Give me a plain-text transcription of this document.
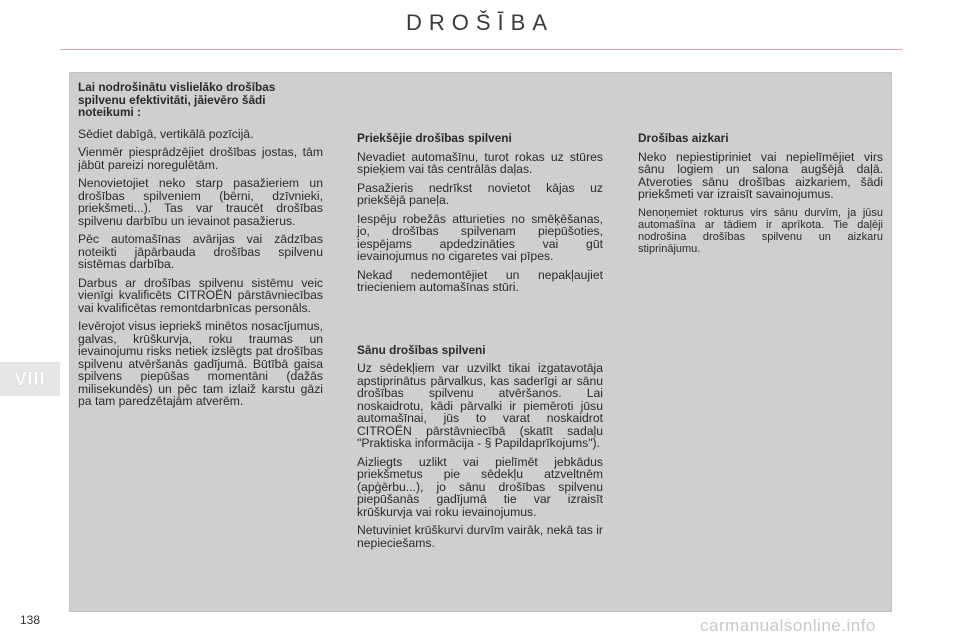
DROŠĪBA
VIII
Lai nodrošinātu vislielāko drošības spilvenu efektivitāti, jāievēro šādi noteikumi :

Sēdiet dabīgā, vertikālā pozīcijā.

Vienmēr piesprādzējiet drošības jostas, tām jābūt pareizi noregulētām.

Nenovietojiet neko starp pasažieriem un drošības spilveniem (bērni, dzīvnieki, priekšmeti...). Tas var traucēt drošības spilvenu darbību un ievainot pasažierus.

Pēc automašīnas avārijas vai zādzības noteikti jāpārbauda drošības spilvenu sistēmas darbība.

Darbus ar drošības spilvenu sistēmu veic vienīgi kvalificēts CITROËN pārstāvniecības vai kvalificētas remontdarbnīcas personāls.

Ievērojot visus iepriekš minētos nosacījumus, galvas, krūškurvja, roku traumas un ievainojumu risks netiek izslēgts pat drošības spilvenu atvēršanās gadījumā. Būtībā gaisa spilvens piepūšas momentāni (dažās milisekundēs) un pēc tam izlaiž karstu gāzi pa tam paredzētajām atverēm.

Priekšējie drošības spilveni

Nevadiet automašīnu, turot rokas uz stūres spieķiem vai tās centrālās daļas.

Pasažieris nedrīkst novietot kājas uz priekšējā paneļa.

Iespēju robežās atturieties no smēķēšanas, jo, drošības spilvenam piepūšoties, iespējams apdedzināties vai gūt ievainojumus no cigaretes vai pīpes.

Nekad nedemontējiet un nepakļaujiet triecieniem automašīnas stūri.

Sānu drošības spilveni

Uz sēdekļiem var uzvilkt tikai izgatavotāja apstiprinātus pārvalkus, kas saderīgi ar sānu drošības spilvenu atvēršanos. Lai noskaidrotu, kādi pārvalki ir piemēroti jūsu automašīnai, jūs to varat noskaidrot CITROËN pārstāvniecībā (skatīt sadaļu "Praktiska informācija - § Papildaprīkojums").

Aizliegts uzlikt vai pielīmēt jebkādus priekšmetus pie sēdekļu atzveltnēm (apģērbu...), jo sānu drošības spilvenu piepūšanās gadījumā tie var izraisīt krūškurvja vai roku ievainojumus.

Netuviniet krūškurvi durvīm vairāk, nekā tas ir nepieciešams.

Drošības aizkari

Neko nepiestipriniet vai nepielīmējiet virs sānu logiem un salona augšējā daļā. Atveroties sānu drošības aizkariem, šādi priekšmeti var izraisīt savainojumus.

Nenoņemiet rokturus virs sānu durvīm, ja jūsu automašīna ar tādiem ir aprīkota. Tie daļēji nodrošina drošības spilvenu un aizkaru stiprinājumu.

138	carmanualsonline.info
